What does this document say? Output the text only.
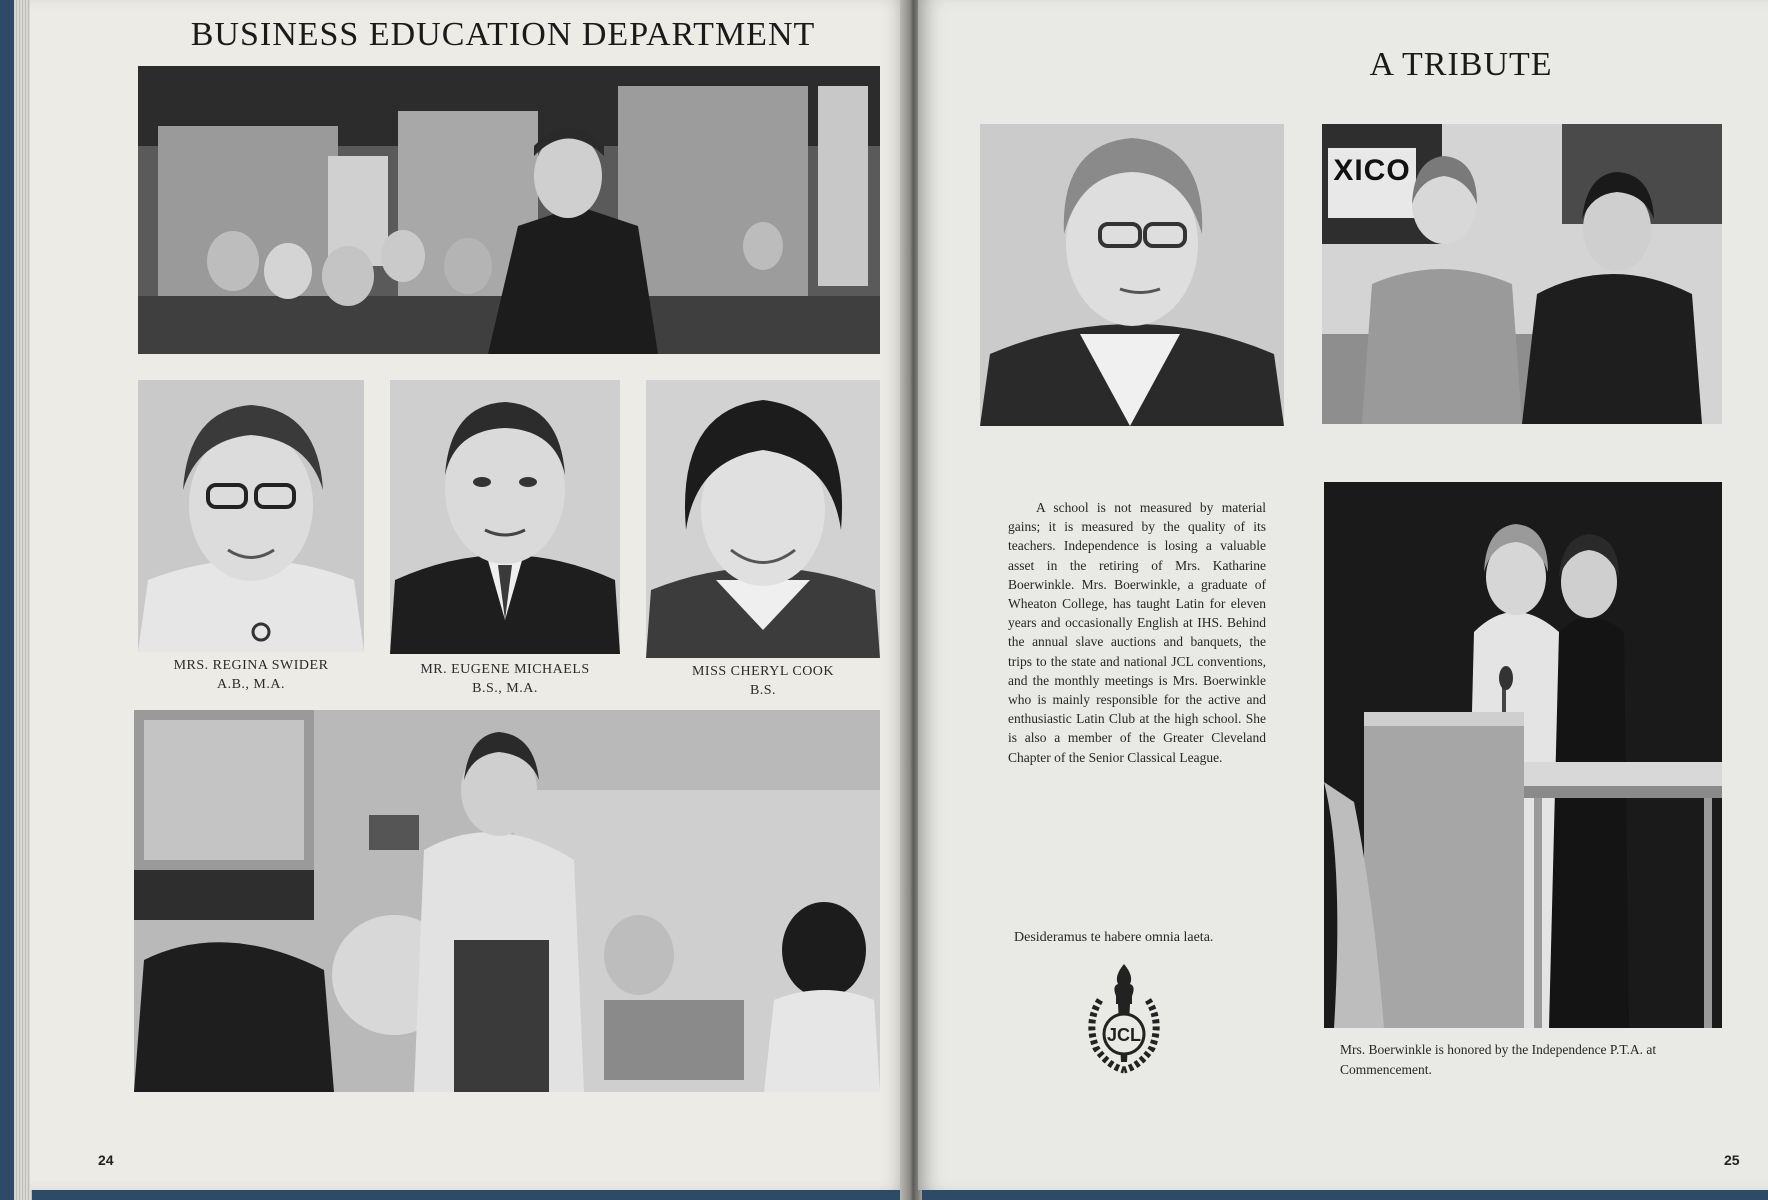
BUSINESS EDUCATION DEPARTMENT
MRS. REGINA SWIDER
A.B., M.A.
MR. EUGENE MICHAELS
B.S., M.A.
MISS CHERYL COOK
B.S.
24
A TRIBUTE
XICO

A school is not measured by material gains; it is measured by the quality of its teachers. Independence is losing a valuable asset in the retiring of Mrs. Katharine Boerwinkle. Mrs. Boerwinkle, a graduate of Wheaton College, has taught Latin for eleven years and occasionally English at IHS. Behind the annual slave auctions and banquets, the trips to the state and national JCL conventions, and the monthly meetings is Mrs. Boerwinkle who is mainly responsible for the active and enthusiastic Latin Club at the high school. She is also a member of the Greater Cleveland Chapter of the Senior Classical League.

Desideramus te habere omnia laeta.
JCL
Mrs. Boerwinkle is honored by the Independence P.T.A. at Commencement.
25
